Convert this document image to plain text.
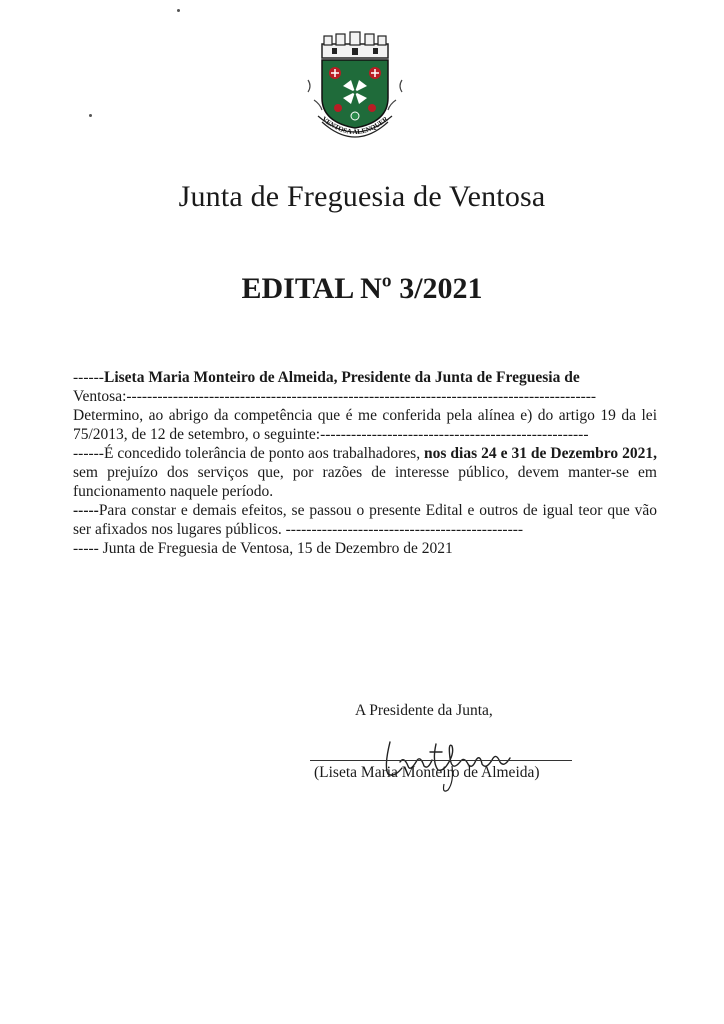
VENTOSA ALENQUER
Junta de Freguesia de Ventosa
EDITAL Nº 3/2021

------Liseta Maria Monteiro de Almeida, Presidente da Junta de Freguesia de

Ventosa:-------------------------------------------------------------------------------------------

Determino, ao abrigo da competência que é me conferida pela alínea e) do artigo 19 da lei 75/2013, de 12 de setembro, o seguinte:----------------------------------------------------

------É concedido tolerância de ponto aos trabalhadores, nos dias 24 e 31 de Dezembro 2021, sem prejuízo dos serviços que, por razões de interesse público, devem manter-se em funcionamento naquele período.

-----Para constar e demais efeitos, se passou o presente Edital e outros de igual teor que vão ser afixados nos lugares públicos. ----------------------------------------------

----- Junta de Freguesia de Ventosa, 15 de Dezembro de 2021

A Presidente da Junta,
(Liseta Maria Monteiro de Almeida)
